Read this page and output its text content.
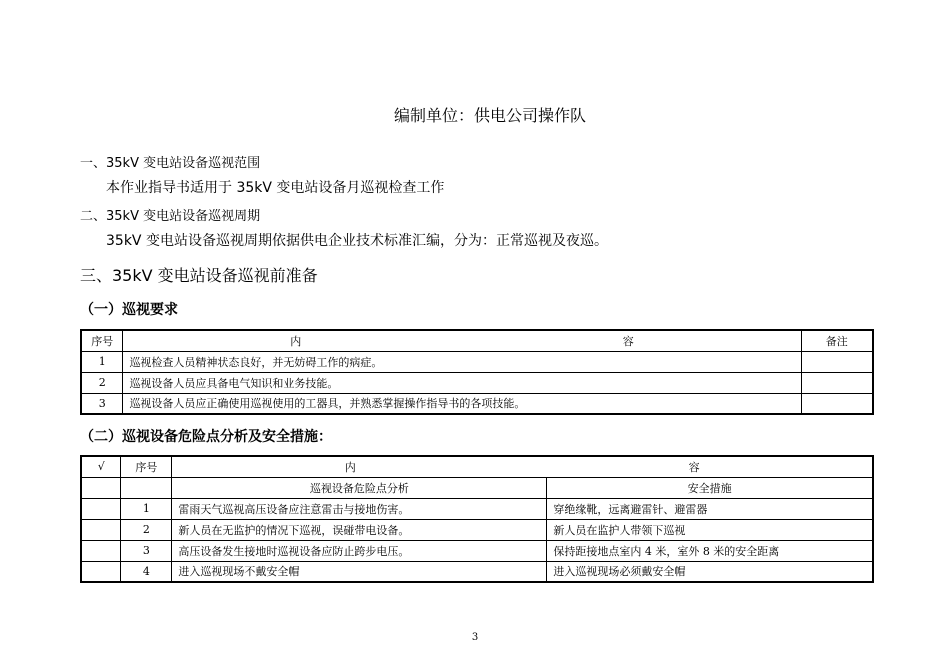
编制单位：供电公司操作队
一、35kV 变电站设备巡视范围
本作业指导书适用于 35kV 变电站设备月巡视检查工作
二、35kV 变电站设备巡视周期
35kV 变电站设备巡视周期依据供电企业技术标准汇编，分为：正常巡视及夜巡。
三、35kV 变电站设备巡视前准备
（一）巡视要求
序号	内 容	备注
1	巡视检查人员精神状态良好，并无妨碍工作的病症。	
2	巡视设备人员应具备电气知识和业务技能。	
3	巡视设备人员应正确使用巡视使用的工器具，并熟悉掌握操作指导书的各项技能。	
（二）巡视设备危险点分析及安全措施：
√	序号	内 容	

		巡视设备危险点分析	安全措施
	1	雷雨天气巡视高压设备应注意雷击与接地伤害。	穿绝缘靴，远离避雷针、避雷器
	2	新人员在无监护的情况下巡视，误碰带电设备。	新人员在监护人带领下巡视
	3	高压设备发生接地时巡视设备应防止跨步电压。	保持距接地点室内 4 米，室外 8 米的安全距离
	4	进入巡视现场不戴安全帽	进入巡视现场必须戴安全帽
3
